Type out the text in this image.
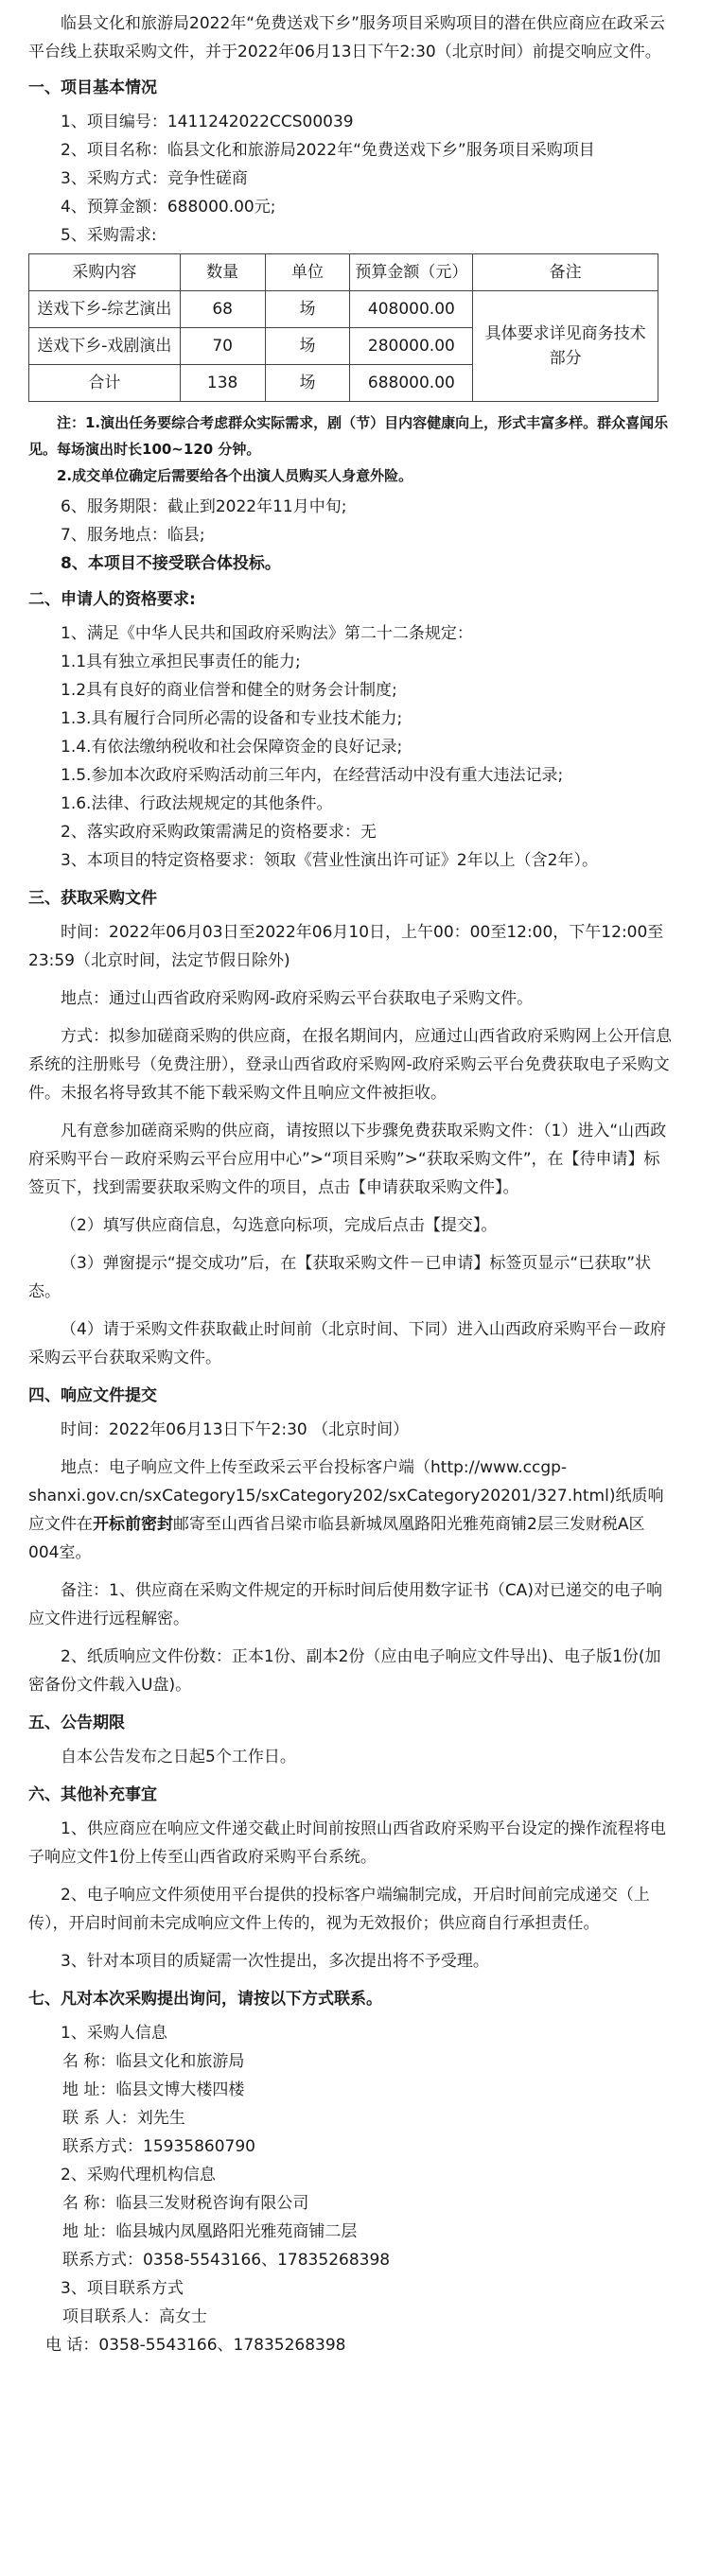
临县文化和旅游局2022年“免费送戏下乡”服务项目采购项目的潜在供应商应在政采云平台线上获取采购文件，并于2022年06月13日下午2:30（北京时间）前提交响应文件。

一、项目基本情况

1、项目编号：1411242022CCS00039

2、项目名称：临县文化和旅游局2022年“免费送戏下乡”服务项目采购项目

3、采购方式：竞争性磋商

4、预算金额：688000.00元;

5、采购需求:

采购内容	数量	单位	预算金额（元）	备注
送戏下乡-综艺演出	68	场	408000.00	具体要求详见商务技术部分
送戏下乡-戏剧演出	70	场	280000.00	
合计	138	场	688000.00	

注：1.演出任务要综合考虑群众实际需求，剧（节）目内容健康向上，形式丰富多样。群众喜闻乐见。每场演出时长100~120 分钟。

2.成交单位确定后需要给各个出演人员购买人身意外险。

6、服务期限：截止到2022年11月中旬;

7、服务地点：临县;

8、本项目不接受联合体投标。

二、申请人的资格要求:

1、满足《中华人民共和国政府采购法》第二十二条规定：

1.1具有独立承担民事责任的能力;

1.2具有良好的商业信誉和健全的财务会计制度;

1.3.具有履行合同所必需的设备和专业技术能力;

1.4.有依法缴纳税收和社会保障资金的良好记录;

1.5.参加本次政府采购活动前三年内，在经营活动中没有重大违法记录;

1.6.法律、行政法规规定的其他条件。

2、落实政府采购政策需满足的资格要求：无

3、本项目的特定资格要求：领取《营业性演出许可证》2年以上（含2年）。

三、获取采购文件

时间：2022年06月03日至2022年06月10日，上午00：00至12:00，下午12:00至23:59（北京时间，法定节假日除外)

地点：通过山西省政府采购网-政府采购云平台获取电子采购文件。

方式：拟参加磋商采购的供应商，在报名期间内，应通过山西省政府采购网上公开信息系统的注册账号（免费注册），登录山西省政府采购网-政府采购云平台免费获取电子采购文件。未报名将导致其不能下载采购文件且响应文件被拒收。

凡有意参加磋商采购的供应商，请按照以下步骤免费获取采购文件：（1）进入“山西政府采购平台－政府采购云平台应用中心”>“项目采购”>“获取采购文件”，在【待申请】标签页下，找到需要获取采购文件的项目，点击【申请获取采购文件】。

（2）填写供应商信息，勾选意向标项，完成后点击【提交】。

（3）弹窗提示“提交成功”后，在【获取采购文件－已申请】标签页显示“已获取”状态。

（4）请于采购文件获取截止时间前（北京时间、下同）进入山西政府采购平台－政府采购云平台获取采购文件。

四、响应文件提交

时间：2022年06月13日下午2:30 （北京时间）

地点：电子响应文件上传至政采云平台投标客户端（http://www.ccgp-shanxi.gov.cn/sxCategory15/sxCategory202/sxCategory20201/327.html)纸质响应文件在开标前密封邮寄至山西省吕梁市临县新城凤凰路阳光雅苑商铺2层三发财税A区004室。

备注：1、供应商在采购文件规定的开标时间后使用数字证书（CA)对已递交的电子响应文件进行远程解密。

2、纸质响应文件份数：正本1份、副本2份（应由电子响应文件导出)、电子版1份(加密备份文件载入U盘)。

五、公告期限

自本公告发布之日起5个工作日。

六、其他补充事宜

1、供应商应在响应文件递交截止时间前按照山西省政府采购平台设定的操作流程将电子响应文件1份上传至山西省政府采购平台系统。

2、电子响应文件须使用平台提供的投标客户端编制完成，开启时间前完成递交（上传），开启时间前未完成响应文件上传的，视为无效报价；供应商自行承担责任。

3、针对本项目的质疑需一次性提出，多次提出将不予受理。

七、凡对本次采购提出询问，请按以下方式联系。

1、采购人信息

名 称：临县文化和旅游局

地 址：临县文博大楼四楼

联 系 人：刘先生

联系方式：15935860790

2、采购代理机构信息

名 称：临县三发财税咨询有限公司

地 址：临县城内凤凰路阳光雅苑商铺二层

联系方式：0358-5543166、17835268398

3、项目联系方式

项目联系人：高女士

电 话：0358-5543166、17835268398
